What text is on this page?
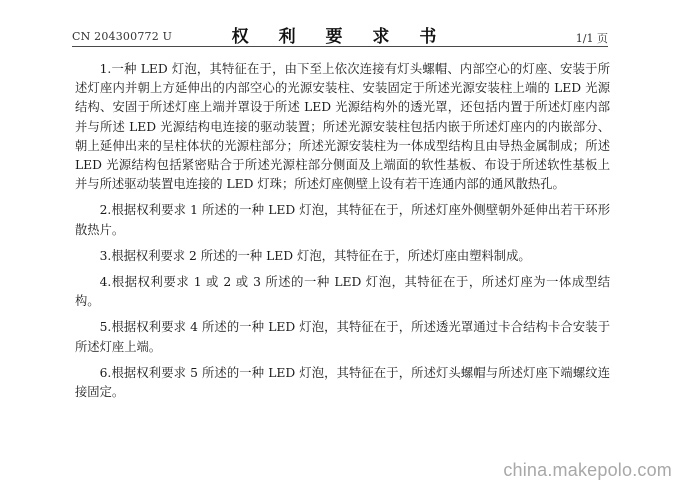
CN 204300772 U	权 利 要 求 书	1/1 页

1.一种 LED 灯泡，其特征在于，由下至上依次连接有灯头螺帽、内部空心的灯座、安装于所述灯座内并朝上方延伸出的内部空心的光源安装柱、安装固定于所述光源安装柱上端的 LED 光源结构、安固于所述灯座上端并罩设于所述 LED 光源结构外的透光罩，还包括内置于所述灯座内部并与所述 LED 光源结构电连接的驱动装置；所述光源安装柱包括内嵌于所述灯座内的内嵌部分、朝上延伸出来的呈柱体状的光源柱部分；所述光源安装柱为一体成型结构且由导热金属制成；所述 LED 光源结构包括紧密贴合于所述光源柱部分侧面及上端面的软性基板、布设于所述软性基板上并与所述驱动装置电连接的 LED 灯珠；所述灯座侧壁上设有若干连通内部的通风散热孔。

2.根据权利要求 1 所述的一种 LED 灯泡，其特征在于，所述灯座外侧壁朝外延伸出若干环形散热片。

3.根据权利要求 2 所述的一种 LED 灯泡，其特征在于，所述灯座由塑料制成。

4.根据权利要求 1 或 2 或 3 所述的一种 LED 灯泡，其特征在于，所述灯座为一体成型结构。

5.根据权利要求 4 所述的一种 LED 灯泡，其特征在于，所述透光罩通过卡合结构卡合安装于所述灯座上端。

6.根据权利要求 5 所述的一种 LED 灯泡，其特征在于，所述灯头螺帽与所述灯座下端螺纹连接固定。

china.makepolo.com
